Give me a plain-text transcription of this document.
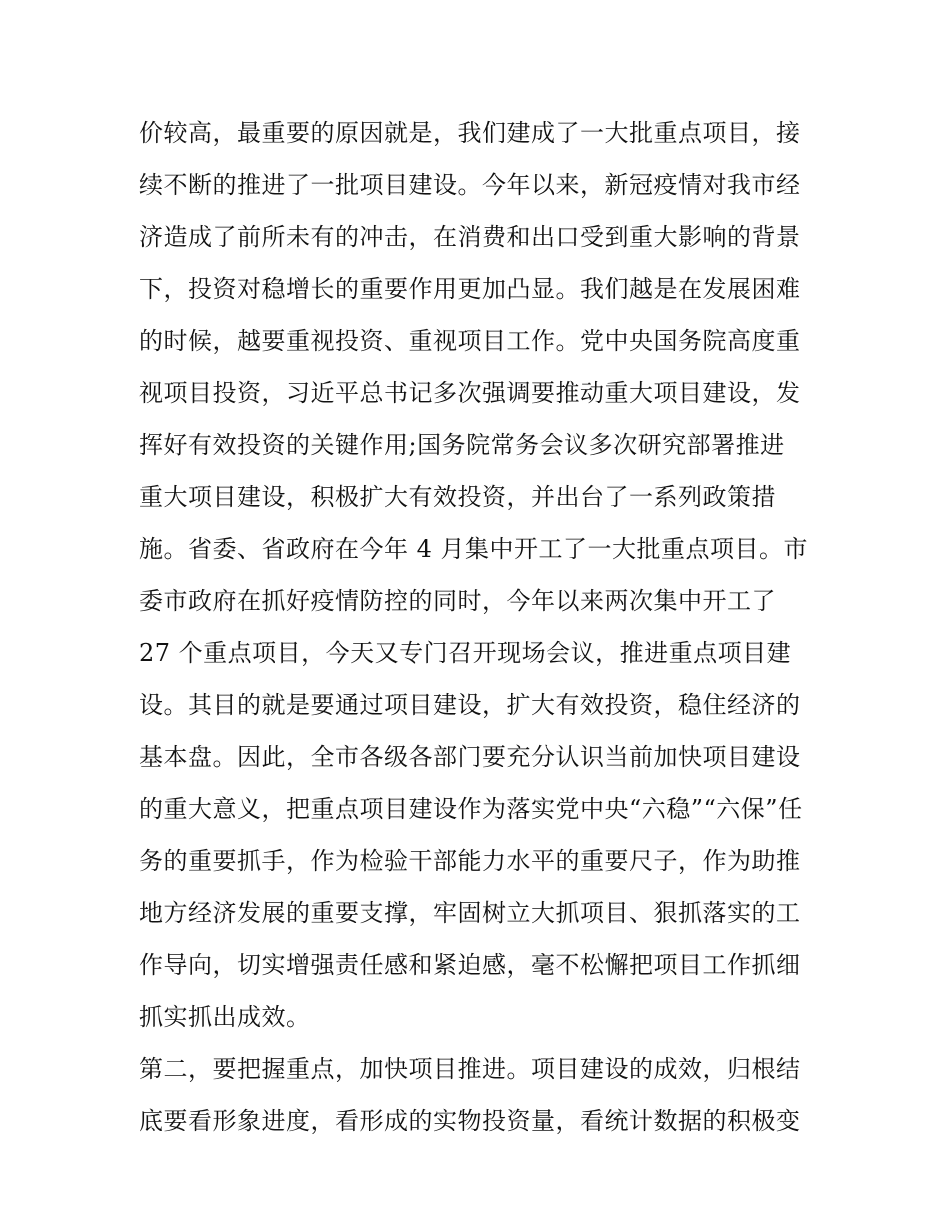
价较高，最重要的原因就是，我们建成了一大批重点项目，接
续不断的推进了一批项目建设。今年以来，新冠疫情对我市经
济造成了前所未有的冲击，在消费和出口受到重大影响的背景
下，投资对稳增长的重要作用更加凸显。我们越是在发展困难
的时候，越要重视投资、重视项目工作。党中央国务院高度重
视项目投资，习近平总书记多次强调要推动重大项目建设，发
挥好有效投资的关键作用;国务院常务会议多次研究部署推进
重大项目建设，积极扩大有效投资，并出台了一系列政策措
施。省委、省政府在今年 4 月集中开工了一大批重点项目。市
委市政府在抓好疫情防控的同时，今年以来两次集中开工了
27 个重点项目，今天又专门召开现场会议，推进重点项目建
设。其目的就是要通过项目建设，扩大有效投资，稳住经济的
基本盘。因此，全市各级各部门要充分认识当前加快项目建设
的重大意义，把重点项目建设作为落实党中央“六稳”“六保”任
务的重要抓手，作为检验干部能力水平的重要尺子，作为助推
地方经济发展的重要支撑，牢固树立大抓项目、狠抓落实的工
作导向，切实增强责任感和紧迫感，毫不松懈把项目工作抓细
抓实抓出成效。
第二，要把握重点，加快项目推进。项目建设的成效，归根结
底要看形象进度，看形成的实物投资量，看统计数据的积极变
